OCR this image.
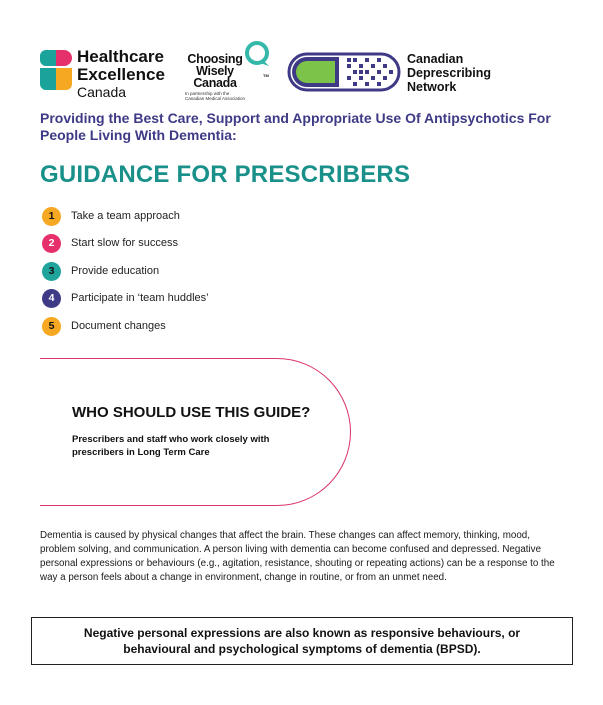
Healthcare
Excellence
Canada
Choosing
Wisely
Canada
TM
In partnership with the
Canadian Medical Association
Canadian
Deprescribing
Network
Providing the Best Care, Support and Appropriate Use Of Antipsychotics For People Living With Dementia:
GUIDANCE FOR PRESCRIBERS
1	Take a team approach
2	Start slow for success
3	Provide education
4	Participate in ‘team huddles’
5	Document changes
WHO SHOULD USE THIS GUIDE?
Prescribers and staff who work closely with prescribers in Long Term Care
Dementia is caused by physical changes that affect the brain. These changes can affect memory, thinking, mood, problem solving, and communication. A person living with dementia can become confused and depressed. Negative personal expressions or behaviours (e.g., agitation, resistance, shouting or repeating actions) can be a response to the way a person feels about a change in environment, change in routine, or from an unmet need.
Negative personal expressions are also known as responsive behaviours, or behavioural and psychological symptoms of dementia (BPSD).
